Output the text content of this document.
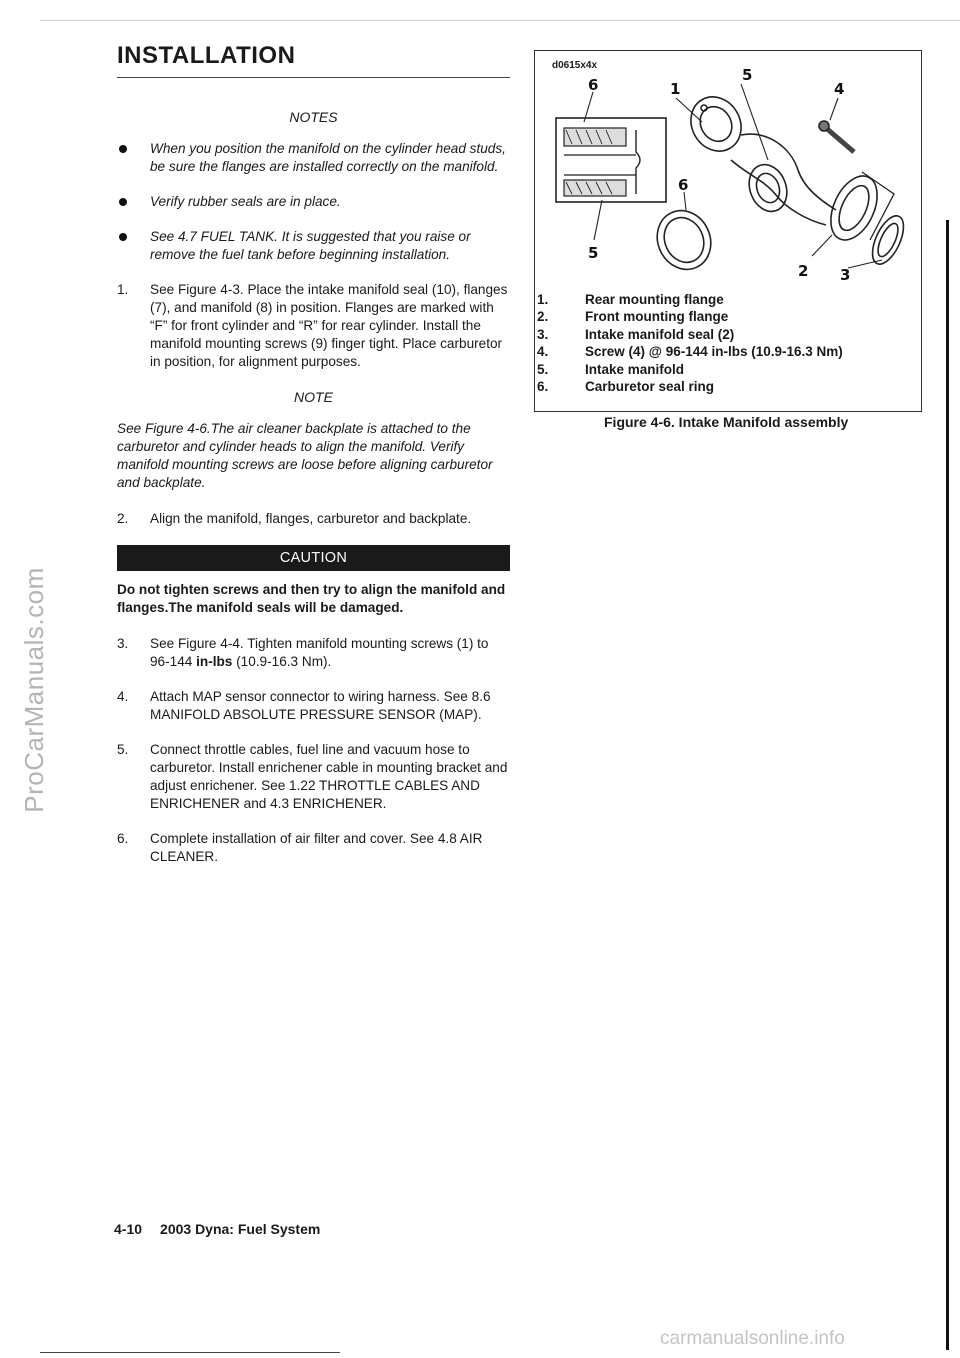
ProCarManuals.com
INSTALLATION
NOTES
When you position the manifold on the cylinder head studs, be sure the flanges are installed correctly on the manifold.
Verify rubber seals are in place.
See 4.7 FUEL TANK. It is suggested that you raise or remove the fuel tank before beginning installation.
1. See Figure 4-3. Place the intake manifold seal (10), flanges (7), and manifold (8) in position. Flanges are marked with “F” for front cylinder and “R” for rear cylinder. Install the manifold mounting screws (9) finger tight. Place carburetor in position, for alignment purposes.
NOTE
See Figure 4-6.The air cleaner backplate is attached to the carburetor and cylinder heads to align the manifold. Verify manifold mounting screws are loose before aligning carburetor and backplate.
2. Align the manifold, flanges, carburetor and backplate.
CAUTION
Do not tighten screws and then try to align the manifold and flanges.The manifold seals will be damaged.
3. See Figure 4-4. Tighten manifold mounting screws (1) to 96-144 in-lbs (10.9-16.3 Nm).
4. Attach MAP sensor connector to wiring harness. See 8.6 MANIFOLD ABSOLUTE PRESSURE SENSOR (MAP).
5. Connect throttle cables, fuel line and vacuum hose to carburetor. Install enrichener cable in mounting bracket and adjust enrichener. See 1.22 THROTTLE CABLES AND ENRICHENER and 4.3 ENRICHENER.
6. Complete installation of air filter and cover. See 4.8 AIR CLEANER.
d0615x4x
6	1
5
4
6
5
2 3
1.	Rear mounting flange
2.	Front mounting flange
3.	Intake manifold seal (2)
4.	Screw (4) @ 96-144 in-lbs (10.9-16.3 Nm)
5.	Intake manifold
6.	Carburetor seal ring
Figure 4-6. Intake Manifold assembly
4-10 2003 Dyna: Fuel System
carmanualsonline.info
